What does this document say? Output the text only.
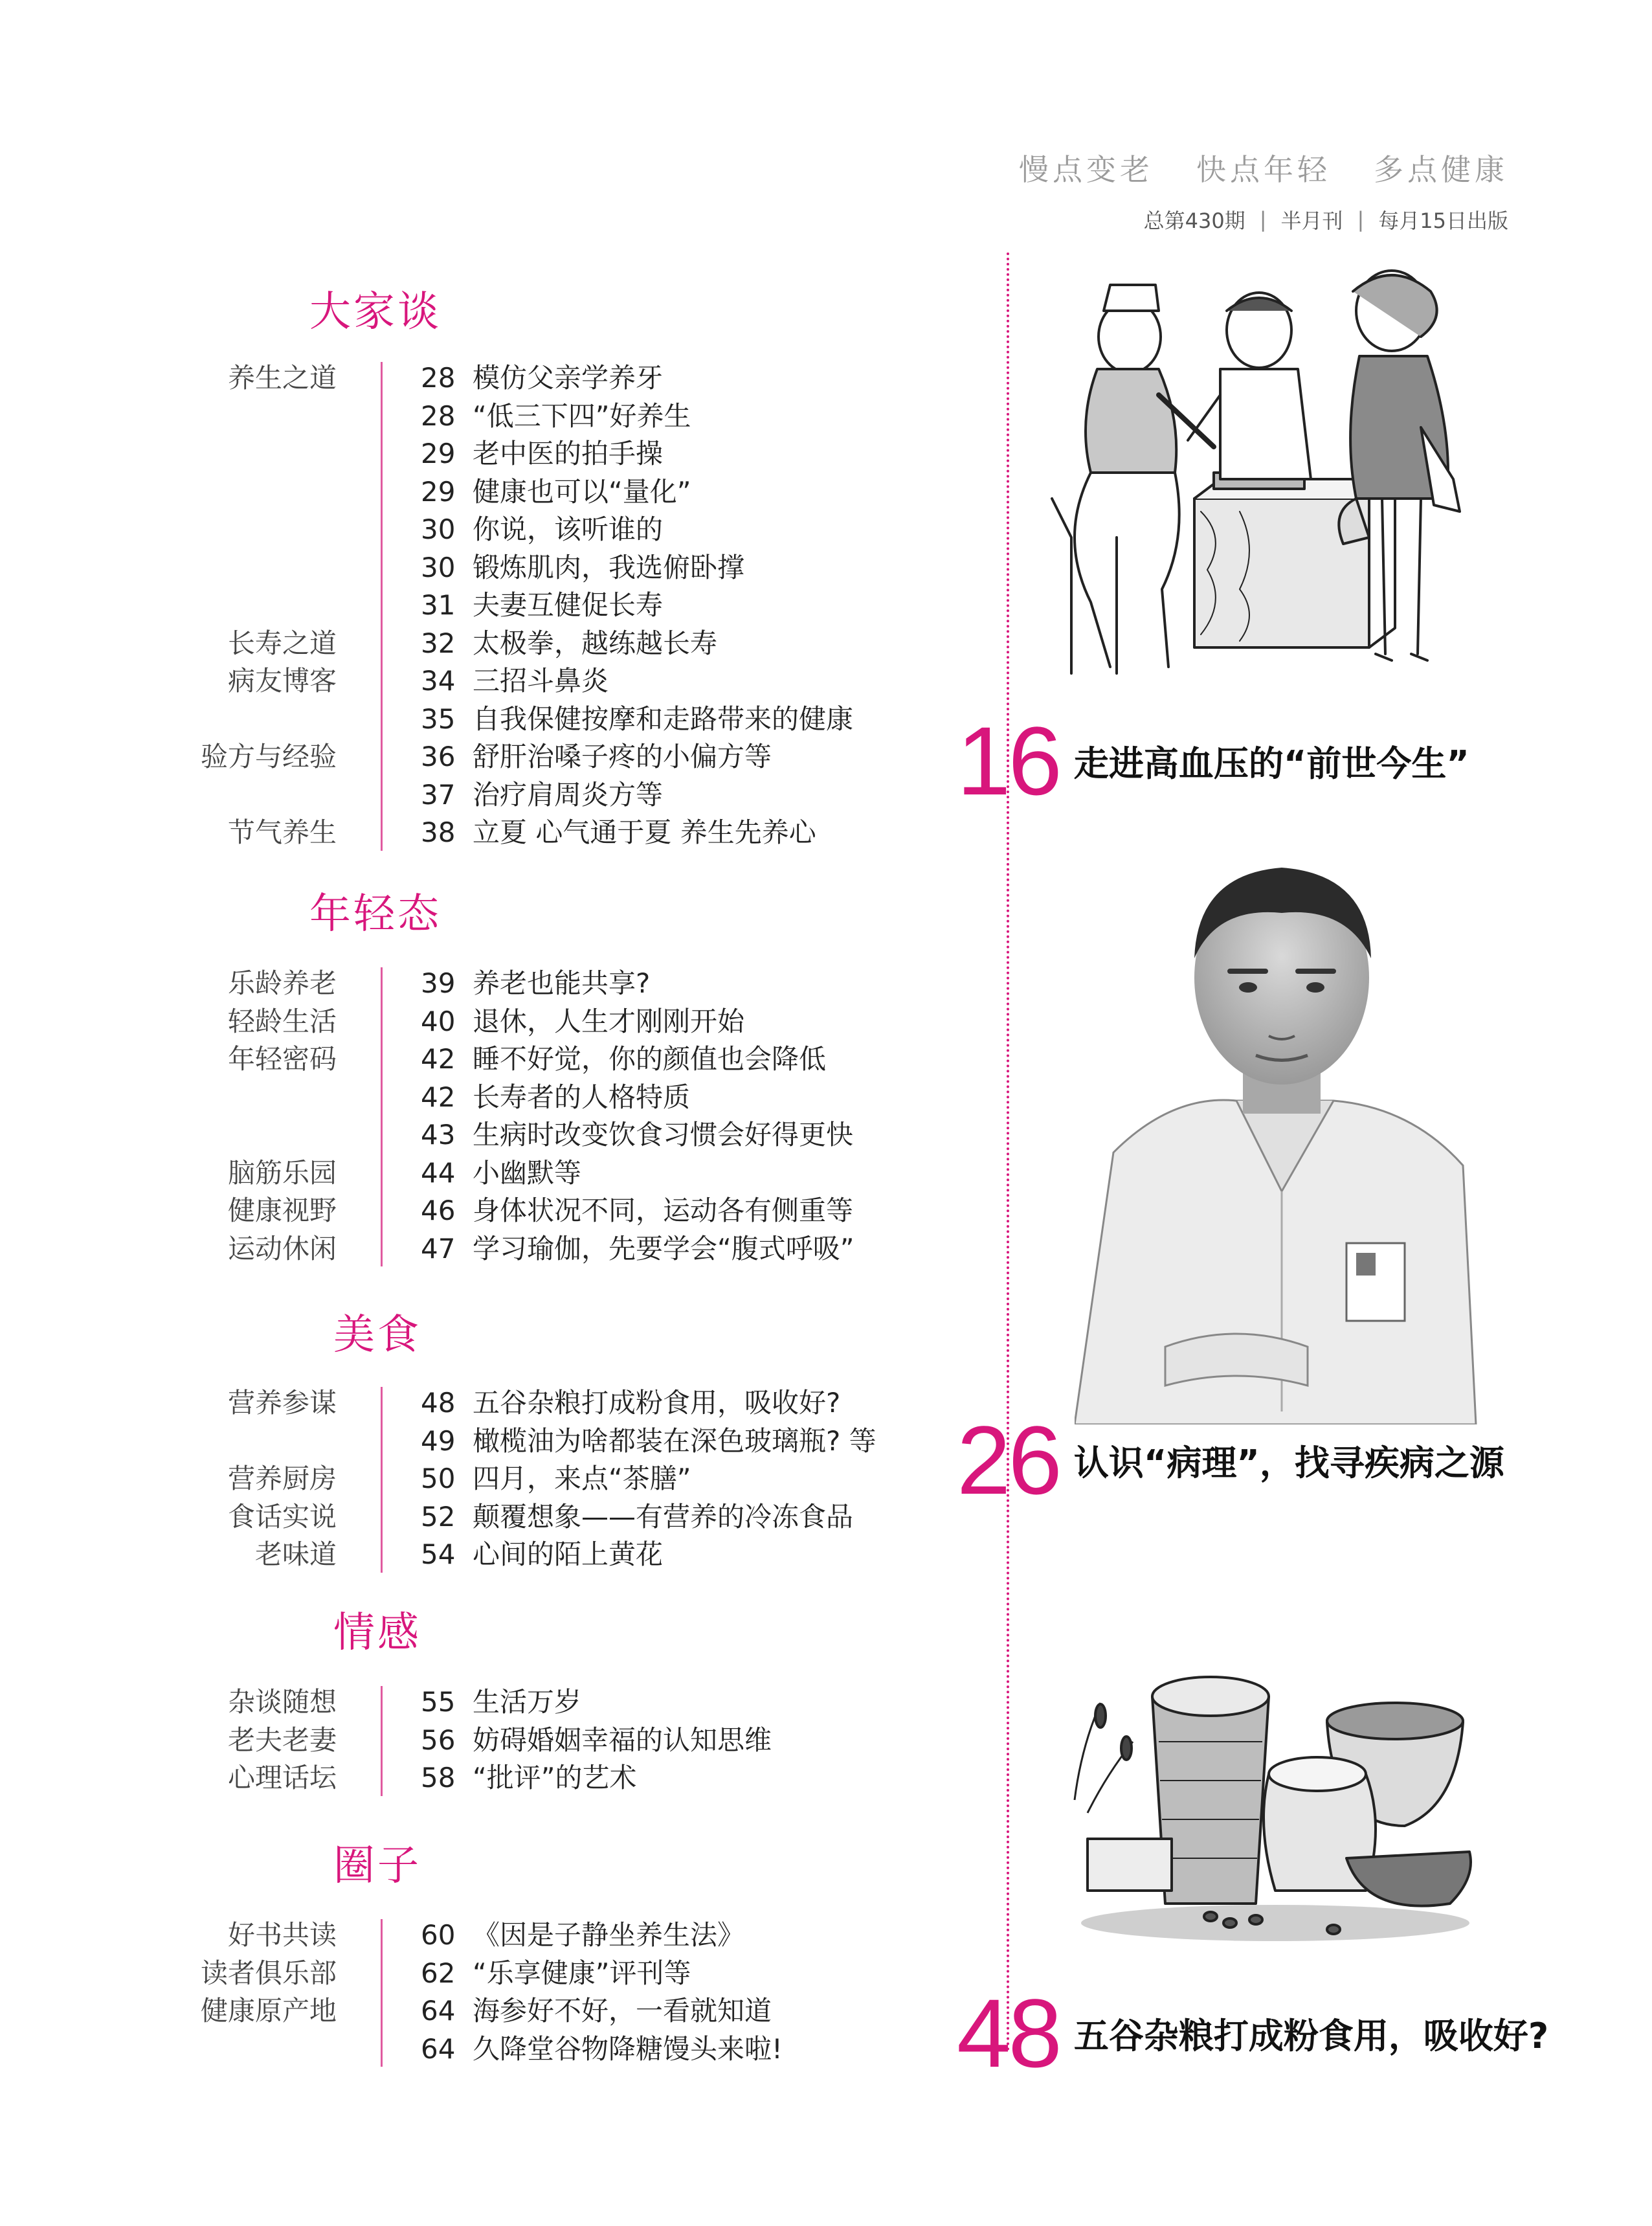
慢点变老 快点年轻 多点健康
总第430期 | 半月刊 | 每月15日出版
大家谈
养生之道	28 模仿父亲学养牙
28 “低三下四”好养生
29 老中医的拍手操
29 健康也可以“量化”
30 你说，该听谁的
30 锻炼肌肉，我选俯卧撑
31 夫妻互健促长寿
长寿之道	32 太极拳，越练越长寿
病友博客	34 三招斗鼻炎
35 自我保健按摩和走路带来的健康
验方与经验	36 舒肝治嗓子疼的小偏方等
37 治疗肩周炎方等
节气养生	38 立夏 心气通于夏 养生先养心
年轻态
乐龄养老	39 养老也能共享?
轻龄生活	40 退休，人生才刚刚开始
年轻密码	42 睡不好觉，你的颜值也会降低
42 长寿者的人格特质
43 生病时改变饮食习惯会好得更快
脑筋乐园	44 小幽默等
健康视野	46 身体状况不同，运动各有侧重等
运动休闲	47 学习瑜伽，先要学会“腹式呼吸”
美食
营养参谋	48 五谷杂粮打成粉食用，吸收好?
49 橄榄油为啥都装在深色玻璃瓶? 等
营养厨房	50 四月，来点“茶膳”
食话实说	52 颠覆想象——有营养的冷冻食品
老味道	54 心间的陌上黄花
情感
杂谈随想	55 生活万岁
老夫老妻	56 妨碍婚姻幸福的认知思维
心理话坛	58 “批评”的艺术
圈子
好书共读	60 《因是子静坐养生法》
读者俱乐部	62 “乐享健康”评刊等
健康原产地	64 海参好不好，一看就知道
64 久降堂谷物降糖馒头来啦!
16 走进高血压的“前世今生”
26 认识“病理”，找寻疾病之源
48 五谷杂粮打成粉食用，吸收好?
